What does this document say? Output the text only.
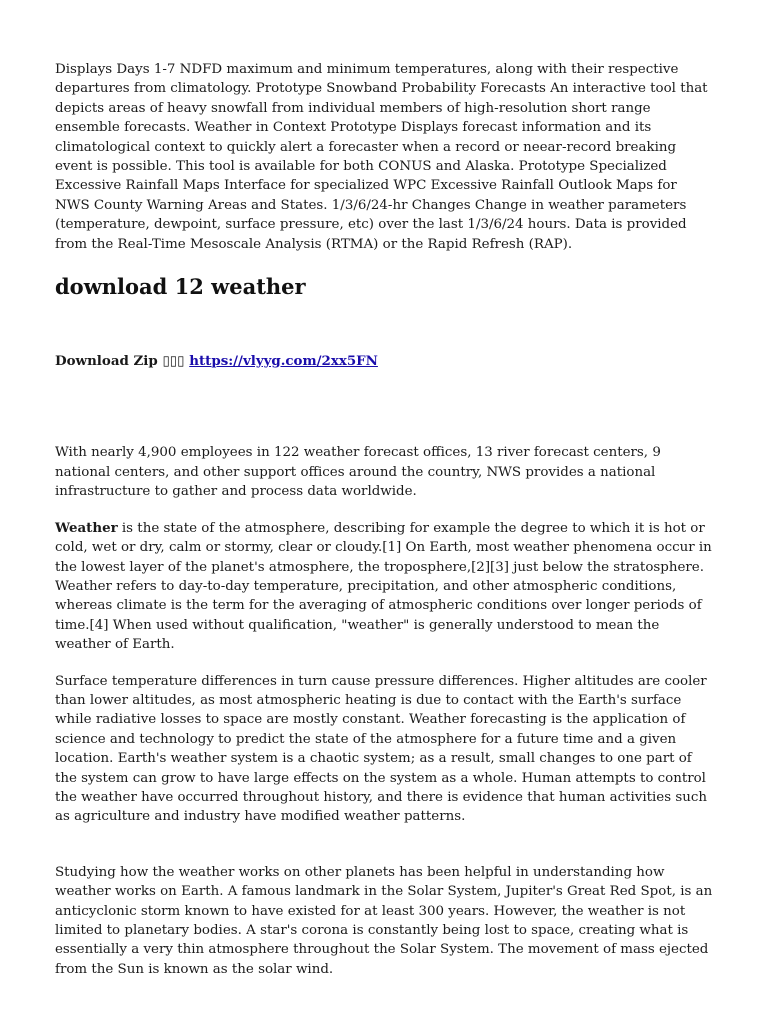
Displays Days 1-7 NDFD maximum and minimum temperatures, along with their respective departures from climatology. Prototype Snowband Probability Forecasts An interactive tool that depicts areas of heavy snowfall from individual members of high-resolution short range ensemble forecasts. Weather in Context Prototype Displays forecast information and its climatological context to quickly alert a forecaster when a record or neear-record breaking event is possible. This tool is available for both CONUS and Alaska. Prototype Specialized Excessive Rainfall Maps Interface for specialized WPC Excessive Rainfall Outlook Maps for NWS County Warning Areas and States. 1/3/6/24-hr Changes Change in weather parameters (temperature, dewpoint, surface pressure, etc) over the last 1/3/6/24 hours. Data is provided from the Real-Time Mesoscale Analysis (RTMA) or the Rapid Refresh (RAP).

download 12 weather

Download Zip ▯▯▯ https://vlyyg.com/2xx5FN

With nearly 4,900 employees in 122 weather forecast offices, 13 river forecast centers, 9 national centers, and other support offices around the country, NWS provides a national infrastructure to gather and process data worldwide.

Weather is the state of the atmosphere, describing for example the degree to which it is hot or cold, wet or dry, calm or stormy, clear or cloudy.[1] On Earth, most weather phenomena occur in the lowest layer of the planet's atmosphere, the troposphere,[2][3] just below the stratosphere. Weather refers to day-to-day temperature, precipitation, and other atmospheric conditions, whereas climate is the term for the averaging of atmospheric conditions over longer periods of time.[4] When used without qualification, "weather" is generally understood to mean the weather of Earth.

Surface temperature differences in turn cause pressure differences. Higher altitudes are cooler than lower altitudes, as most atmospheric heating is due to contact with the Earth's surface while radiative losses to space are mostly constant. Weather forecasting is the application of science and technology to predict the state of the atmosphere for a future time and a given location. Earth's weather system is a chaotic system; as a result, small changes to one part of the system can grow to have large effects on the system as a whole. Human attempts to control the weather have occurred throughout history, and there is evidence that human activities such as agriculture and industry have modified weather patterns.

Studying how the weather works on other planets has been helpful in understanding how weather works on Earth. A famous landmark in the Solar System, Jupiter's Great Red Spot, is an anticyclonic storm known to have existed for at least 300 years. However, the weather is not limited to planetary bodies. A star's corona is constantly being lost to space, creating what is essentially a very thin atmosphere throughout the Solar System. The movement of mass ejected from the Sun is known as the solar wind.
